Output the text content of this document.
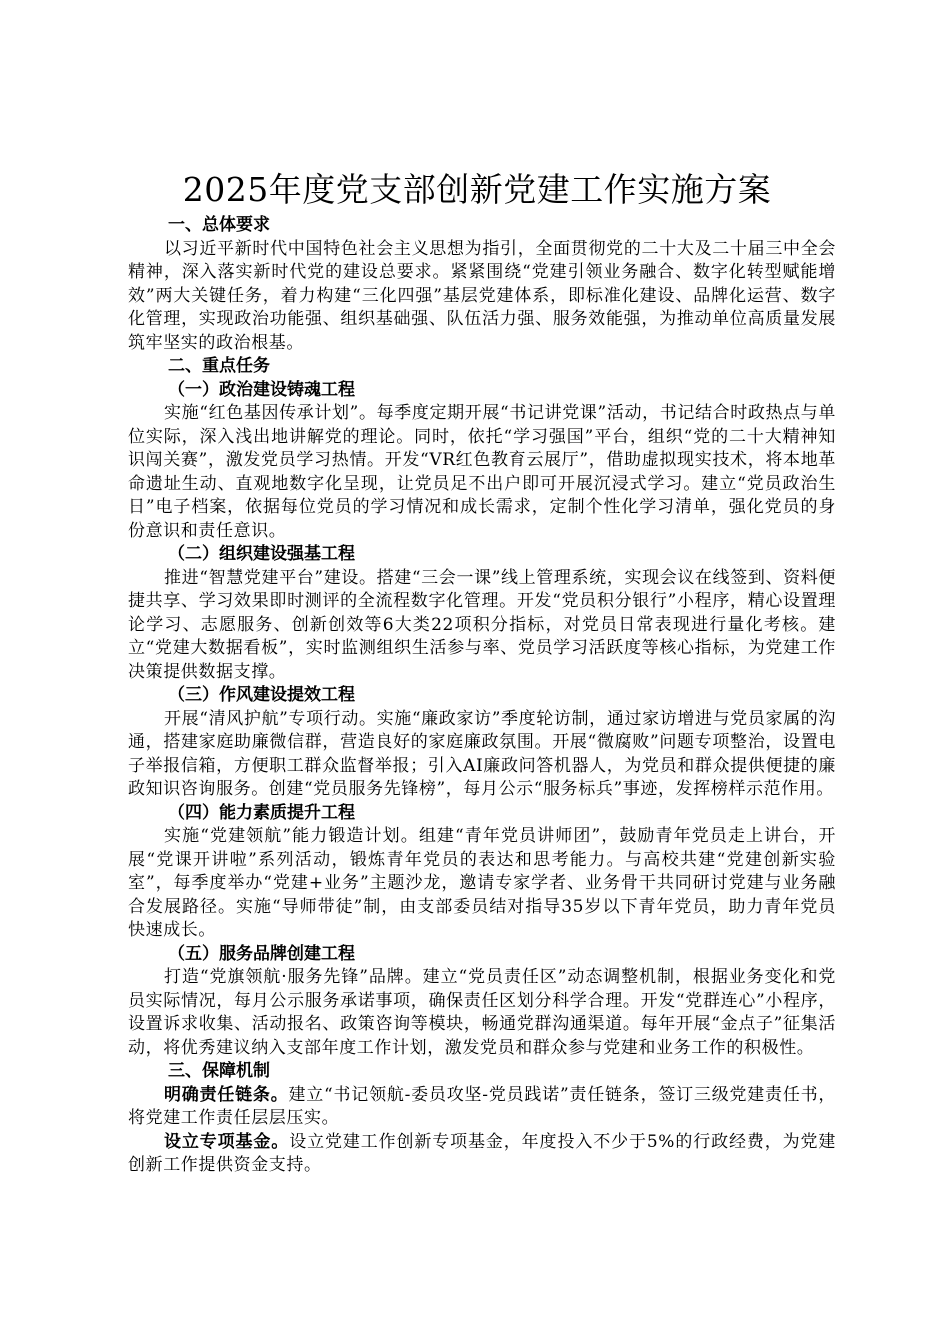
2025年度党支部创新党建工作实施方案
一、总体要求
以习近平新时代中国特色社会主义思想为指引，全面贯彻党的二十大及二十届三中全会精神，深入落实新时代党的建设总要求。紧紧围绕“党建引领业务融合、数字化转型赋能增效”两大关键任务，着力构建“三化四强”基层党建体系，即标准化建设、品牌化运营、数字化管理，实现政治功能强、组织基础强、队伍活力强、服务效能强，为推动单位高质量发展筑牢坚实的政治根基。
二、重点任务
（一）政治建设铸魂工程
实施“红色基因传承计划”。每季度定期开展“书记讲党课”活动，书记结合时政热点与单位实际，深入浅出地讲解党的理论。同时，依托“学习强国”平台，组织“党的二十大精神知识闯关赛”，激发党员学习热情。开发“VR红色教育云展厅”，借助虚拟现实技术，将本地革命遗址生动、直观地数字化呈现，让党员足不出户即可开展沉浸式学习。建立“党员政治生日”电子档案，依据每位党员的学习情况和成长需求，定制个性化学习清单，强化党员的身份意识和责任意识。
（二）组织建设强基工程
推进“智慧党建平台”建设。搭建“三会一课”线上管理系统，实现会议在线签到、资料便捷共享、学习效果即时测评的全流程数字化管理。开发“党员积分银行”小程序，精心设置理论学习、志愿服务、创新创效等6大类22项积分指标，对党员日常表现进行量化考核。建立“党建大数据看板”，实时监测组织生活参与率、党员学习活跃度等核心指标，为党建工作决策提供数据支撑。
（三）作风建设提效工程
开展“清风护航”专项行动。实施“廉政家访”季度轮访制，通过家访增进与党员家属的沟通，搭建家庭助廉微信群，营造良好的家庭廉政氛围。开展“微腐败”问题专项整治，设置电子举报信箱，方便职工群众监督举报；引入AI廉政问答机器人，为党员和群众提供便捷的廉政知识咨询服务。创建“党员服务先锋榜”，每月公示“服务标兵”事迹，发挥榜样示范作用。
（四）能力素质提升工程
实施“党建领航”能力锻造计划。组建“青年党员讲师团”，鼓励青年党员走上讲台，开展“党课开讲啦”系列活动，锻炼青年党员的表达和思考能力。与高校共建“党建创新实验室”，每季度举办“党建+业务”主题沙龙，邀请专家学者、业务骨干共同研讨党建与业务融合发展路径。实施“导师带徒”制，由支部委员结对指导35岁以下青年党员，助力青年党员快速成长。
（五）服务品牌创建工程
打造“党旗领航·服务先锋”品牌。建立“党员责任区”动态调整机制，根据业务变化和党员实际情况，每月公示服务承诺事项，确保责任区划分科学合理。开发“党群连心”小程序，设置诉求收集、活动报名、政策咨询等模块，畅通党群沟通渠道。每年开展“金点子”征集活动，将优秀建议纳入支部年度工作计划，激发党员和群众参与党建和业务工作的积极性。
三、保障机制
明确责任链条。建立“书记领航-委员攻坚-党员践诺”责任链条，签订三级党建责任书，将党建工作责任层层压实。
设立专项基金。设立党建工作创新专项基金，年度投入不少于5%的行政经费，为党建创新工作提供资金支持。
